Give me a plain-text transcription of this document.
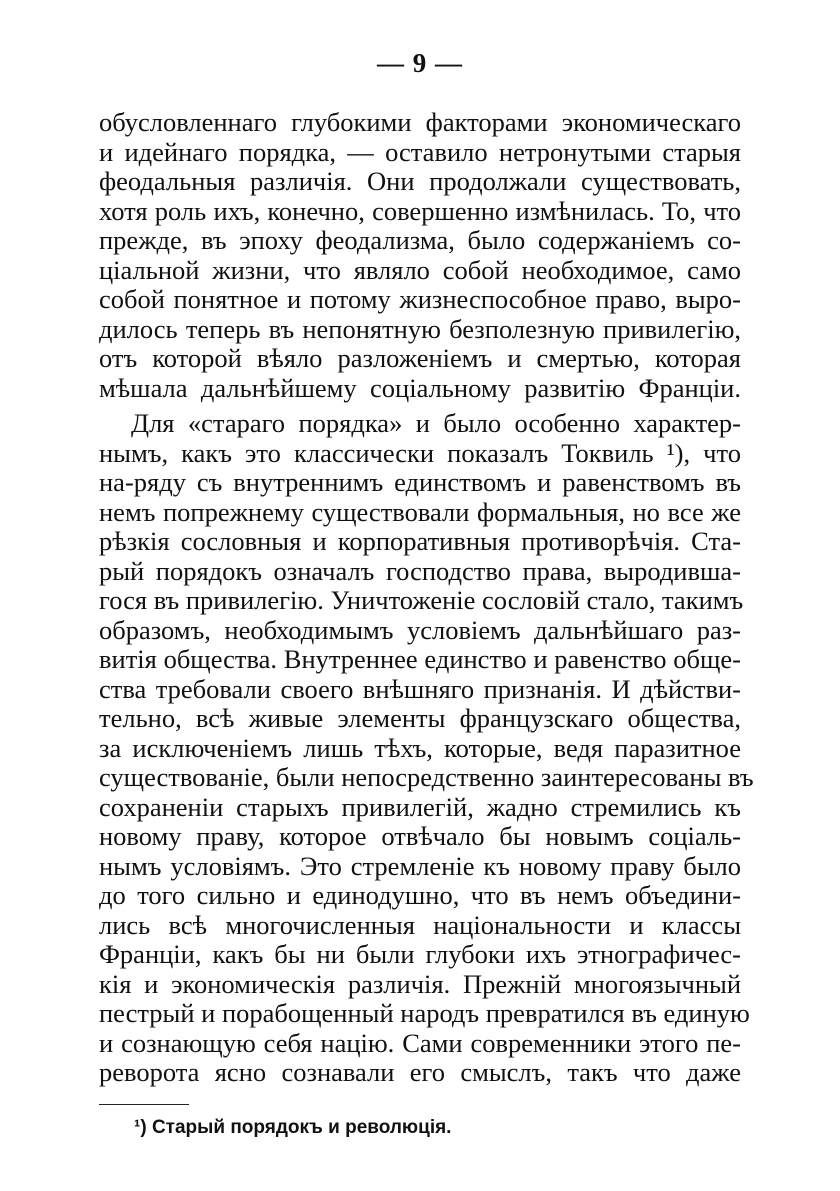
— 9 —
обусловленнаго глубокими факторами экономическаго
и идейнаго порядка, — оставило нетронутыми старыя
феодальныя различія. Они продолжали существовать,
хотя роль ихъ, конечно, совершенно измѣнилась. То, что
прежде, въ эпоху феодализма, было содержаніемъ со-
ціальной жизни, что являло собой необходимое, само
собой понятное и потому жизнеспособное право, выро-
дилось теперь въ непонятную безполезную привилегію,
отъ которой вѣяло разложеніемъ и смертью, которая
мѣшала дальнѣйшему соціальному развитію Франціи.
Для «стараго порядка» и было особенно характер-
нымъ, какъ это классически показалъ Токвиль ¹), что
на-ряду съ внутреннимъ единствомъ и равенствомъ въ
немъ попрежнему существовали формальныя, но все же
рѣзкія сословныя и корпоративныя противорѣчія. Ста-
рый порядокъ означалъ господство права, выродивша-
гося въ привилегію. Уничтоженіе сословій стало, такимъ
образомъ, необходимымъ условіемъ дальнѣйшаго раз-
витія общества. Внутреннее единство и равенство обще-
ства требовали своего внѣшняго признанія. И дѣйстви-
тельно, всѣ живые элементы французскаго общества,
за исключеніемъ лишь тѣхъ, которые, ведя паразитное
существованіе, были непосредственно заинтересованы въ
сохраненіи старыхъ привилегій, жадно стремились къ
новому праву, которое отвѣчало бы новымъ соціаль-
нымъ условіямъ. Это стремленіе къ новому праву было
до того сильно и единодушно, что въ немъ объедини-
лись всѣ многочисленныя національности и классы
Франціи, какъ бы ни были глубоки ихъ этнографичес-
кія и экономическія различія. Прежній многоязычный
пестрый и порабощенный народъ превратился въ единую
и сознающую себя націю. Сами современники этого пе-
реворота ясно сознавали его смыслъ, такъ что даже
¹) Старый порядокъ и революція.
